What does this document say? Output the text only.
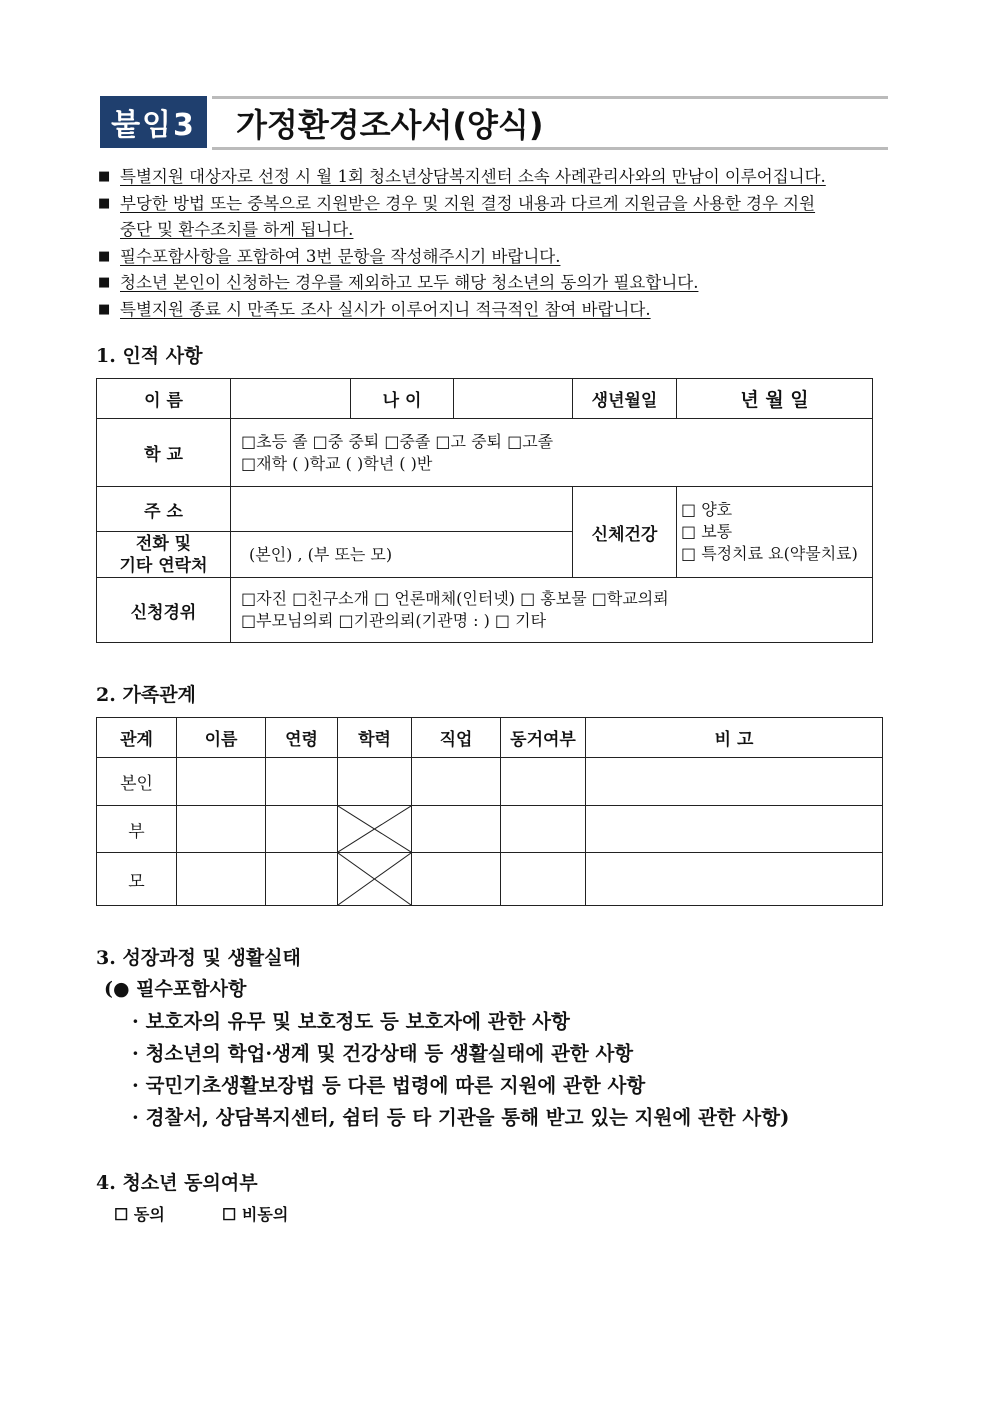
붙임3	가정환경조사서(양식)
■ 특별지원 대상자로 선정 시 월 1회 청소년상담복지센터 소속 사례관리사와의 만남이 이루어집니다.
■ 부당한 방법 또는 중복으로 지원받은 경우 및 지원 결정 내용과 다르게 지원금을 사용한 경우 지원
중단 및 환수조치를 하게 됩니다.
■ 필수포함사항을 포함하여 3번 문항을 작성해주시기 바랍니다.
■ 청소년 본인이 신청하는 경우를 제외하고 모두 해당 청소년의 동의가 필요합니다.
■ 특별지원 종료 시 만족도 조사 실시가 이루어지니 적극적인 참여 바랍니다.
1. 인적 사항
이 름		나 이		생년월일	년 월 일
학 교	□초등 졸 □중 중퇴 □중졸 □고 중퇴 □고졸
□재학 ( )학교 ( )학년 ( )반				

주 소				신체건강	□ 양호
□ 보통
□ 특정치료 요(약물치료)

전화 및
기타 연락처	(본인) , (부 또는 모)				
신청경위	□자진 □친구소개 □ 언론매체(인터넷) □ 홍보물 □학교의뢰
□부모님의뢰 □기관의뢰(기관명 : ) □ 기타				
2. 가족관계
관계	이름	연령	학력	직업	동거여부	비 고
본인						
부			

모			

3. 성장과정 및 생활실태
(● 필수포함사항
· 보호자의 유무 및 보호정도 등 보호자에 관한 사항
· 청소년의 학업·생계 및 건강상태 등 생활실태에 관한 사항
· 국민기초생활보장법 등 다른 법령에 따른 지원에 관한 사항
· 경찰서, 상담복지센터, 쉼터 등 타 기관을 통해 받고 있는 지원에 관한 사항)
4. 청소년 동의여부
☐ 동의	☐ 비동의
